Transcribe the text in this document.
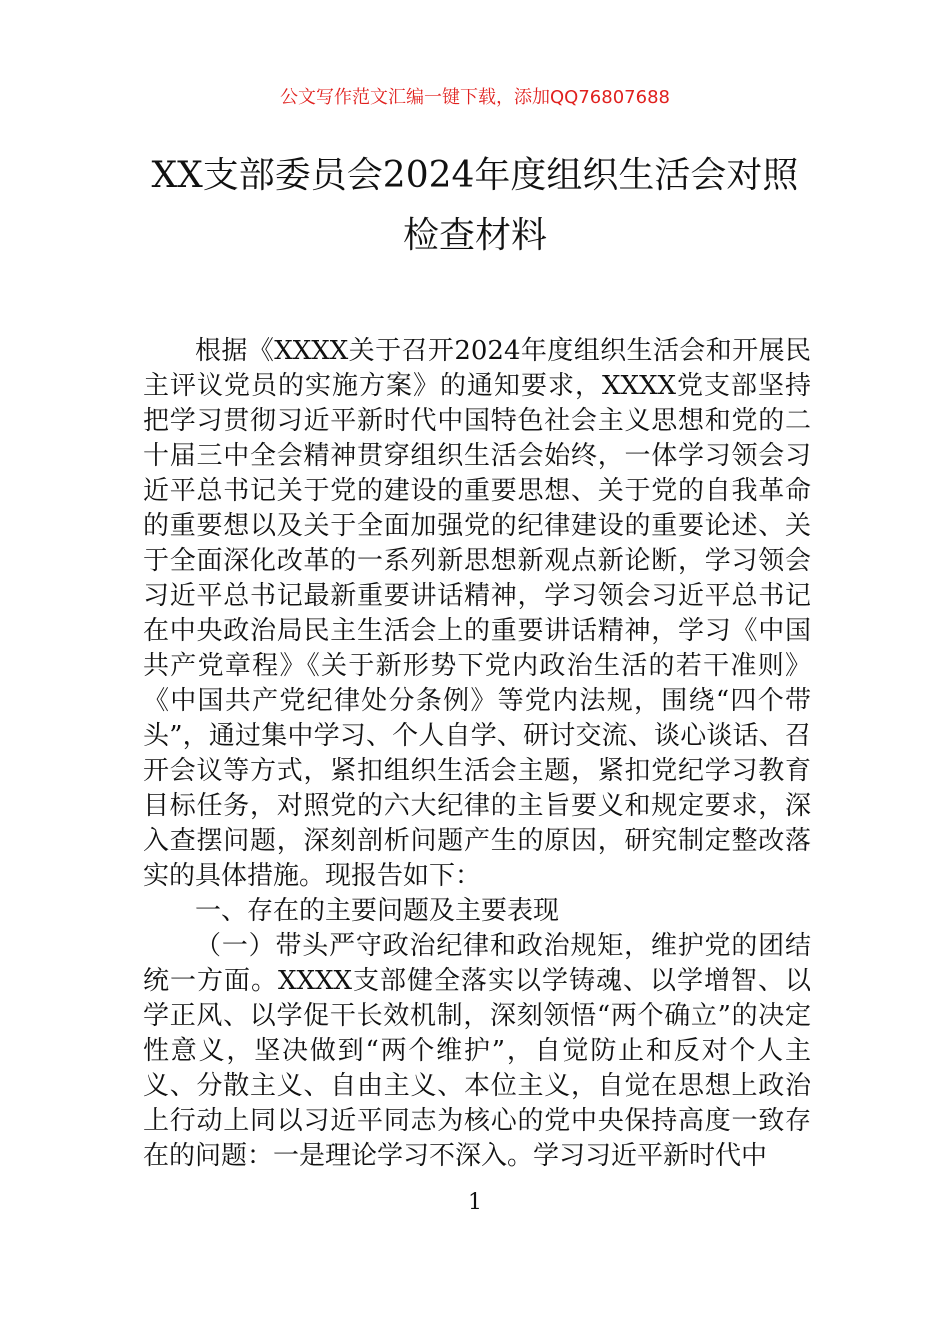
公文写作范文汇编一键下载，添加QQ76807688
XX支部委员会2024年度组织生活会对照
检查材料

根据《XXXX关于召开2024年度组织生活会和开展民主评议党员的实施方案》的通知要求，XXXX党支部坚持把学习贯彻习近平新时代中国特色社会主义思想和党的二十届三中全会精神贯穿组织生活会始终，一体学习领会习近平总书记关于党的建设的重要思想、关于党的自我革命的重要想以及关于全面加强党的纪律建设的重要论述、关于全面深化改革的一系列新思想新观点新论断，学习领会习近平总书记最新重要讲话精神，学习领会习近平总书记在中央政治局民主生活会上的重要讲话精神，学习《中国共产党章程》《关于新形势下党内政治生活的若干准则》《中国共产党纪律处分条例》等党内法规，围绕“四个带头”，通过集中学习、个人自学、研讨交流、谈心谈话、召开会议等方式，紧扣组织生活会主题，紧扣党纪学习教育目标任务，对照党的六大纪律的主旨要义和规定要求，深入查摆问题，深刻剖析问题产生的原因，研究制定整改落实的具体措施。现报告如下：

一、存在的主要问题及主要表现

（一）带头严守政治纪律和政治规矩，维护党的团结统一方面。XXXX支部健全落实以学铸魂、以学增智、以学正风、以学促干长效机制，深刻领悟“两个确立”的决定性意义，坚决做到“两个维护”，自觉防止和反对个人主义、分散主义、自由主义、本位主义，自觉在思想上政治上行动上同以习近平同志为核心的党中央保持高度一致存在的问题：一是理论学习不深入。学习习近平新时代中

1
